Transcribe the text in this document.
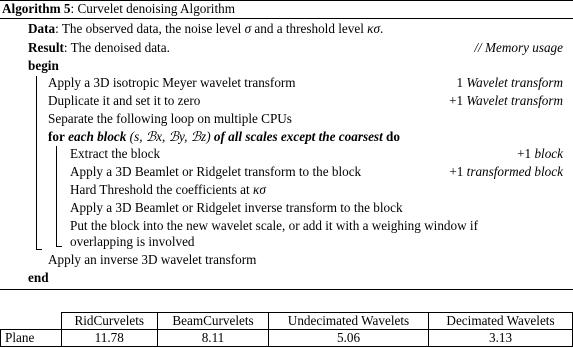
Algorithm 5: Curvelet denoising Algorithm
Data: The observed data, the noise level σ and a threshold level κσ.
Result: The denoised data.	// Memory usage
begin
Apply a 3D isotropic Meyer wavelet transform	1 Wavelet transform
Duplicate it and set it to zero	+1 Wavelet transform
Separate the following loop on multiple CPUs
for each block (s, ℬx, ℬy, ℬz) of all scales except the coarsest do
Extract the block	+1 block
Apply a 3D Beamlet or Ridgelet transform to the block	+1 transformed block
Hard Threshold the coefficients at κσ
Apply a 3D Beamlet or Ridgelet inverse transform to the block
Put the block into the new wavelet scale, or add it with a weighing window if
overlapping is involved
Apply an inverse 3D wavelet transform
end
	RidCurvelets	BeamCurvelets	Undecimated Wavelets	Decimated Wavelets
Plane	11.78	8.11	5.06	3.13
